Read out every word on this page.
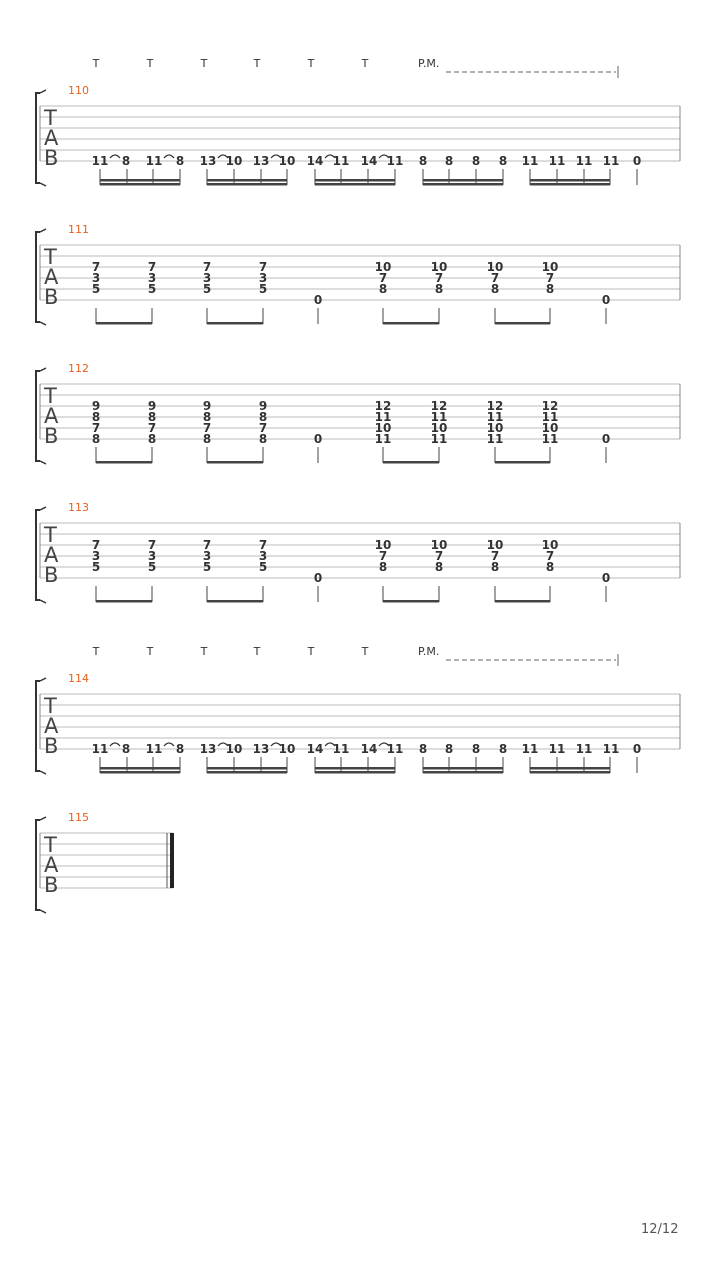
T
A
B
110
T	T	T	T	T	T	P.M.
11 8 11 8 13 10 13 10 14 11 14 11 8 8 8 8 11 11 11 11 0
T
A
B
111
7
3
5
7
3
5
7
3
5
7
3
5
0
10
7
8
10
7
8
10
7
8
10
7
8
0
T
A
B
112
9
8
7
8
9
8
7
8
9
8
7
8
9
8
7
8	0
12
11
10
11
12
11
10
11
12
11
10
11
12
11
10
11	0
T
A
B
113
7
3
5
7
3
5
7
3
5
7
3
5
0
10
7
8
10
7
8
10
7
8
10
7
8
0
T
A
B
114
T	T	T	T	T	T	P.M.
11 8 11 8 13 10 13 10 14 11 14 11 8 8 8 8 11 11 11 11 0
T
A
B
115
12/12
